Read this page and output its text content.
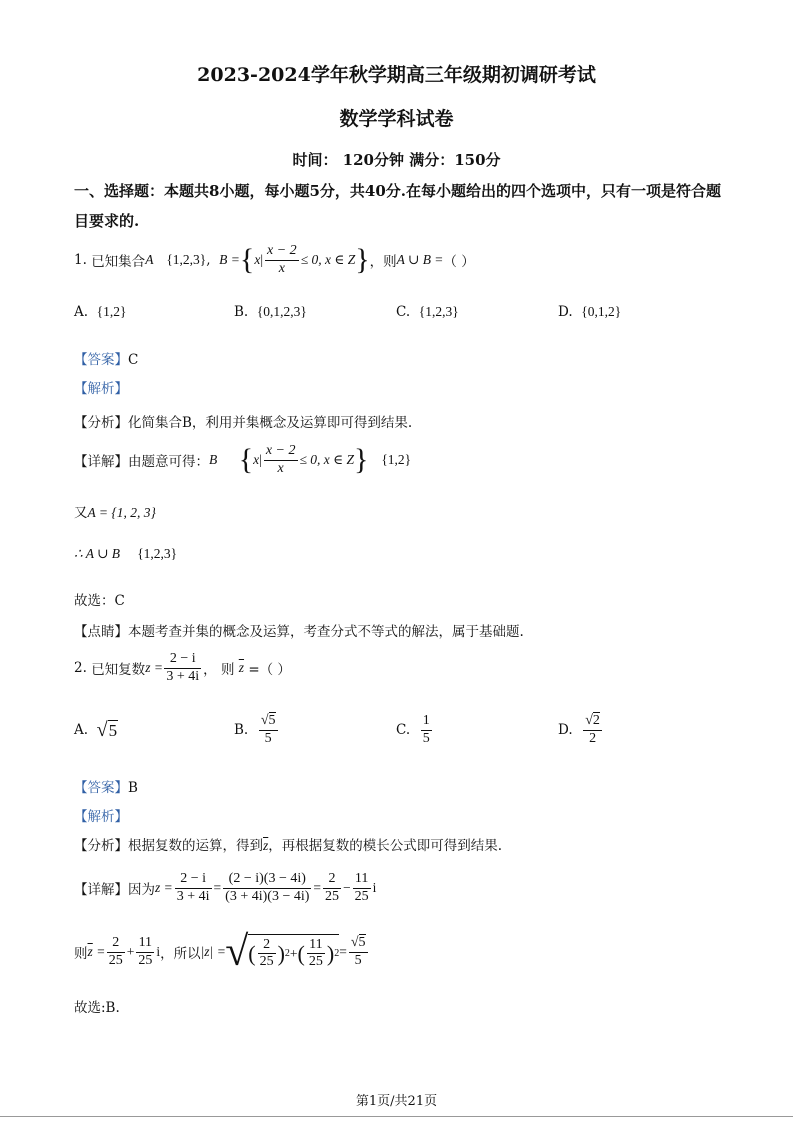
2023-2024学年秋学期高三年级期初调研考试
数学学科试卷
时间： 120分钟 满分：150分
一、选择题：本题共8小题，每小题5分，共40分.在每小题给出的四个选项中，只有一项是符合题目要求的.
1.
已知集合 A
{1,2,3} ,
B = { x | $\frac{x - 2}{x} \le 0$, x ∈ Z } ，则 A ∪ B = （ ）
A. {1,2}	B. {0,1,2,3}	C. {1,2,3}	D. {0,1,2}
【答案】C
【解析】
【分析】化简集合B，利用并集概念及运算即可得到结果.
【详解】 由题意可得： B
{ x | $\frac{x - 2}{x} \le 0$, x ∈ Z }
{1,2}
又A = {1, 2, 3}
∴ A ∪ B {1,2,3}
故选：C
【点睛】本题考查并集的概念及运算，考查分式不等式的解法，属于基础题.
2.
已知复数 z
= $\frac{2 - i}{3 + 4i}$ ， 则
$\overline{z}$
=（ ）
A.
√5	B.
$\frac{√5}{5}$	C.
$\frac{1}{5}$	D.
$\frac{√2}{2}$
【答案】B
【解析】
【分析】根据复数的运算，得到$\overline{z}$，再根据复数的模长公式即可得到结果.
【详解】 因为 $z = \frac{2 - i}{3 + 4i} = \frac{(2 - i)(3 - 4i)}{(3 + 4i)(3 - 4i)} = \frac{2}{25} - \frac{11}{25}$ i
则 $\overline{z}$
= $\frac{2}{25} + \frac{11}{25}$ i ，所以 |z|
= √ ( $\frac{2}{25}$ ) 2 + ( $\frac{11}{25}$ ) $2 = \frac{√5}{5}$
故选:B.
第1页/共21页
